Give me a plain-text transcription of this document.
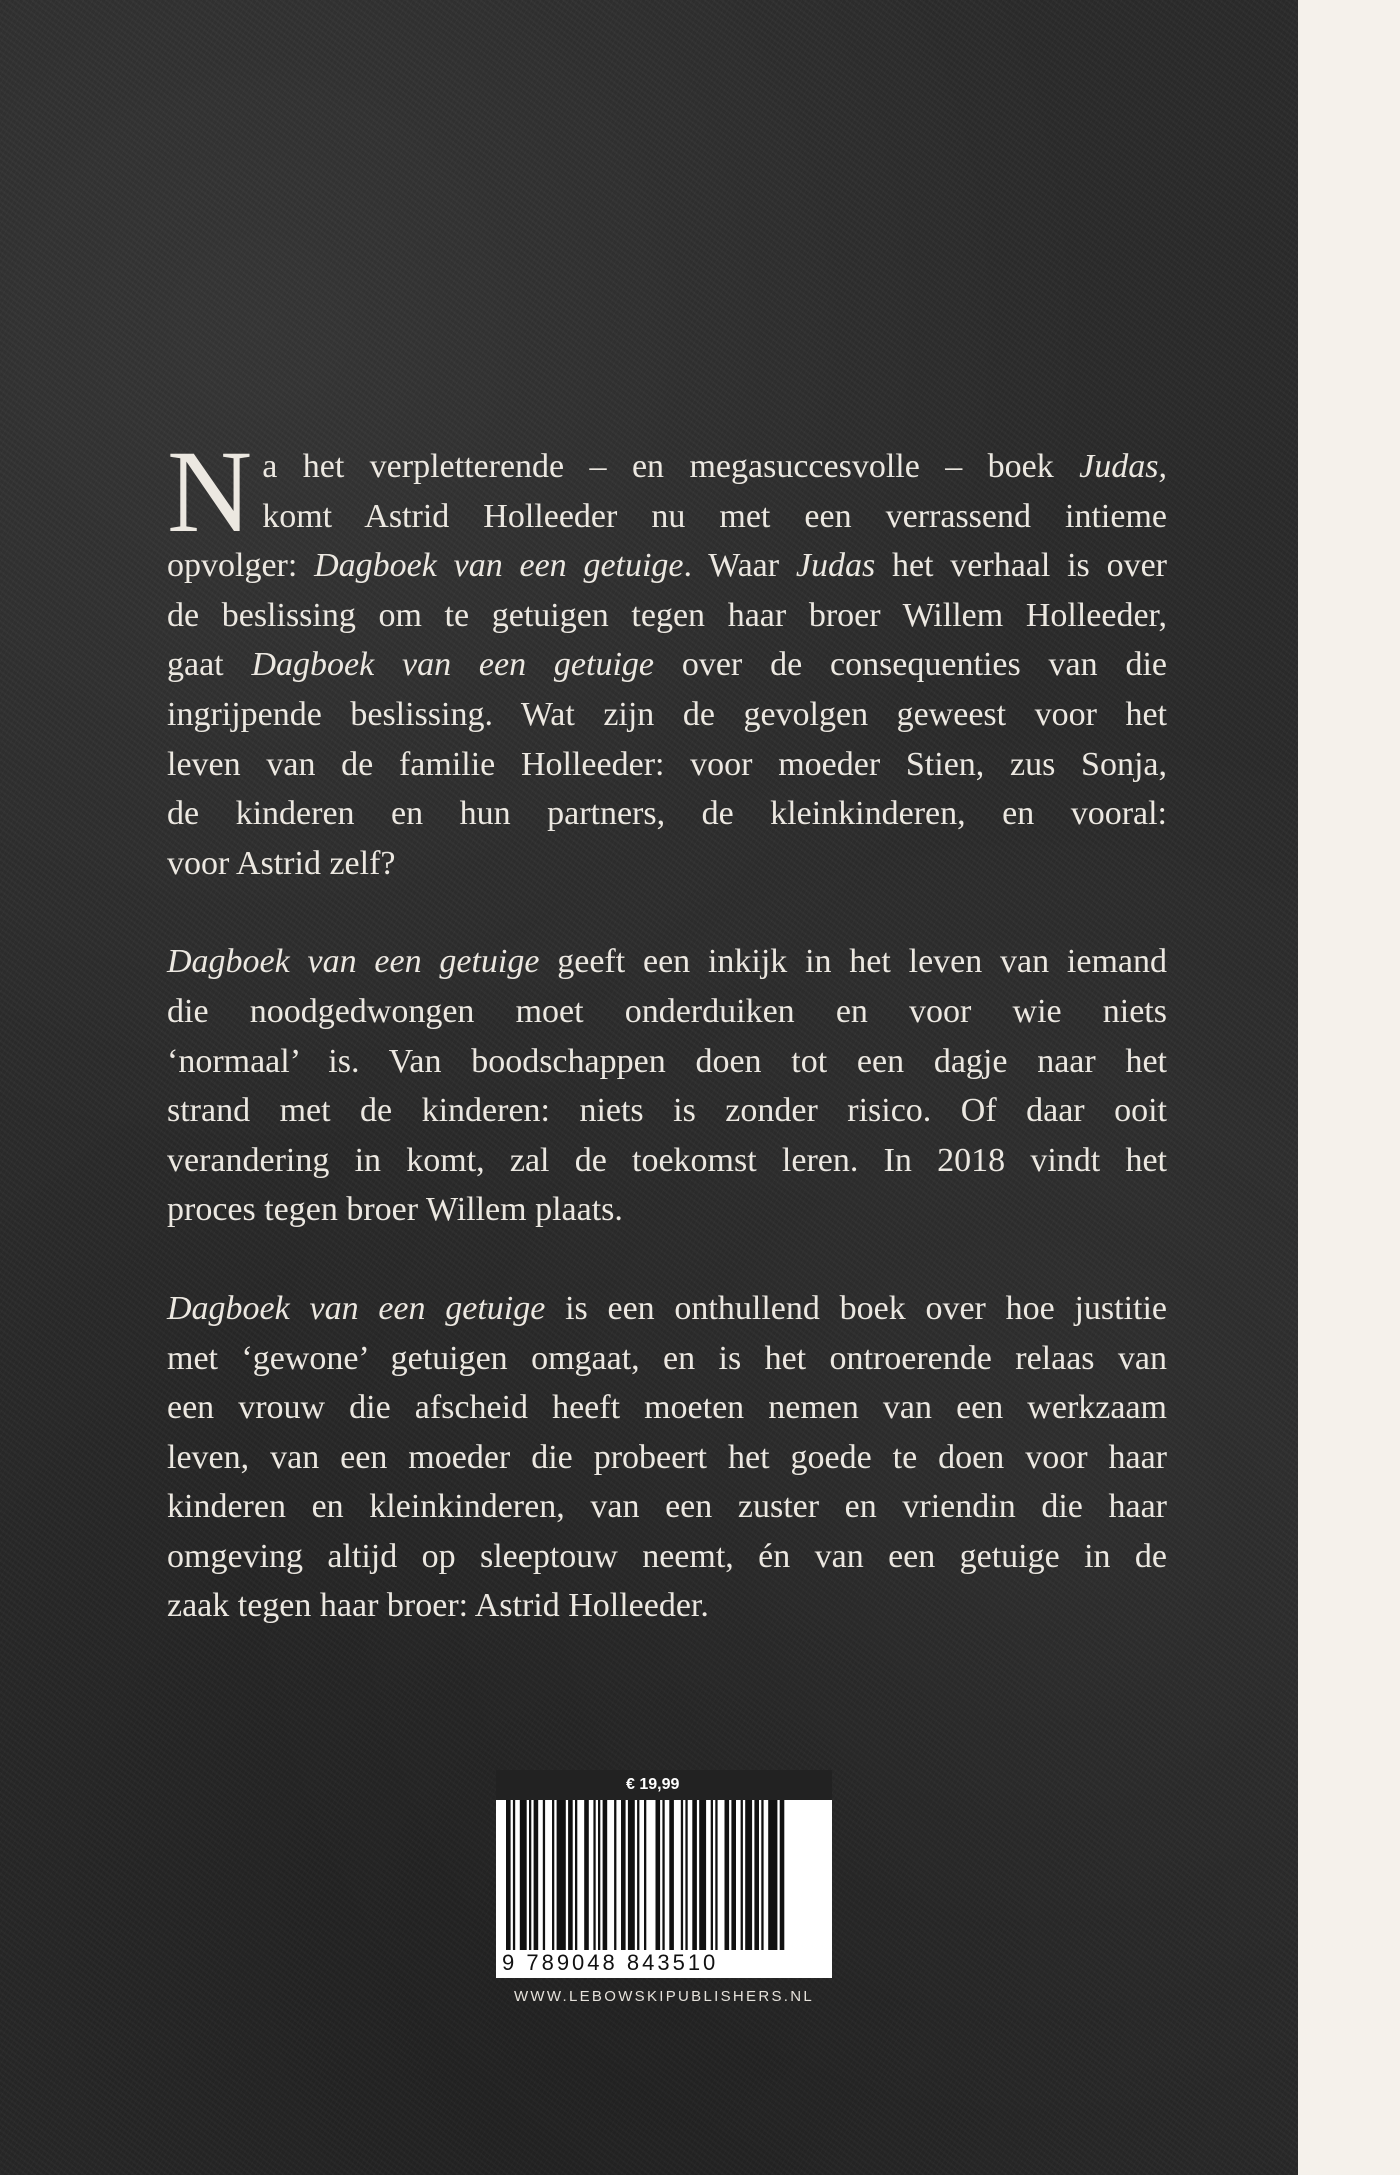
N a het verpletterende – en megasuccesvolle – boek Judas,
komt Astrid Holleeder nu met een verrassend intieme
opvolger: Dagboek van een getuige. Waar Judas het verhaal is over
de beslissing om te getuigen tegen haar broer Willem Holleeder,
gaat Dagboek van een getuige over de consequenties van die
ingrijpende beslissing. Wat zijn de gevolgen geweest voor het
leven van de familie Holleeder: voor moeder Stien, zus Sonja,
de kinderen en hun partners, de kleinkinderen, en vooral:
voor Astrid zelf?

Dagboek van een getuige geeft een inkijk in het leven van iemand
die noodgedwongen moet onderduiken en voor wie niets
‘normaal’ is. Van boodschappen doen tot een dagje naar het
strand met de kinderen: niets is zonder risico. Of daar ooit
verandering in komt, zal de toekomst leren. In 2018 vindt het
proces tegen broer Willem plaats.

Dagboek van een getuige is een onthullend boek over hoe justitie
met ‘gewone’ getuigen omgaat, en is het ontroerende relaas van
een vrouw die afscheid heeft moeten nemen van een werkzaam
leven, van een moeder die probeert het goede te doen voor haar
kinderen en kleinkinderen, van een zuster en vriendin die haar
omgeving altijd op sleeptouw neemt, én van een getuige in de
zaak tegen haar broer: Astrid Holleeder.

€ 19,99
9 789048 843510
WWW.LEBOWSKIPUBLISHERS.NL
